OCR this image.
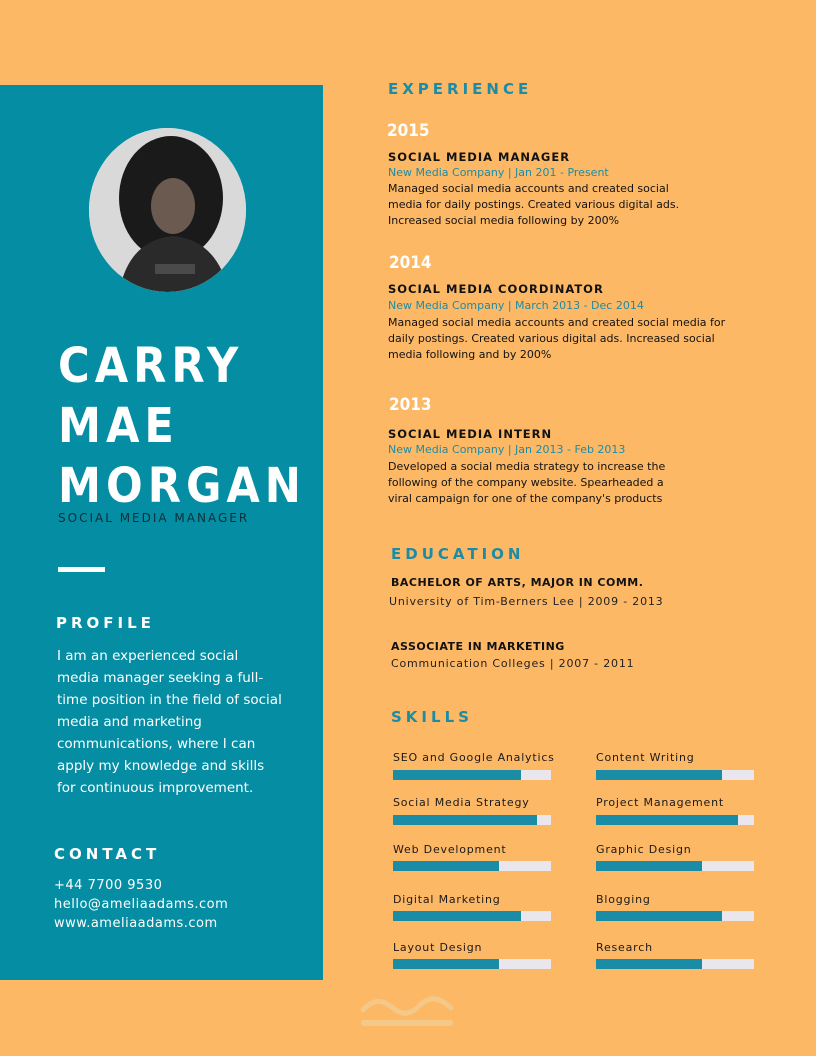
CARRY
MAE
MORGAN
SOCIAL MEDIA MANAGER
PROFILE
I am an experienced social media manager seeking a full-time position in the field of social media and marketing communications, where I can apply my knowledge and skills for continuous improvement.
CONTACT
+44 7700 9530
hello@ameliaadams.com
www.ameliaadams.com
EXPERIENCE
2015
SOCIAL MEDIA MANAGER
New Media Company | Jan 201 - Present
Managed social media accounts and created social media for daily postings. Created various digital ads. Increased social media following by 200%
2014
SOCIAL MEDIA COORDINATOR
New Media Company | March 2013 - Dec 2014
Managed social media accounts and created social media for daily postings. Created various digital ads. Increased social media following and by 200%
2013
SOCIAL MEDIA INTERN
New Media Company | Jan 2013 - Feb 2013
Developed a social media strategy to increase the following of the company website. Spearheaded a viral campaign for one of the company's products
EDUCATION
BACHELOR OF ARTS, MAJOR IN COMM.
University of Tim-Berners Lee | 2009 - 2013
ASSOCIATE IN MARKETING
Communication Colleges | 2007 - 2011
SKILLS
SEO and Google Analytics	Content Writing
Social Media Strategy	Project Management
Web Development	Graphic Design
Digital Marketing	Blogging
Layout Design	Research
